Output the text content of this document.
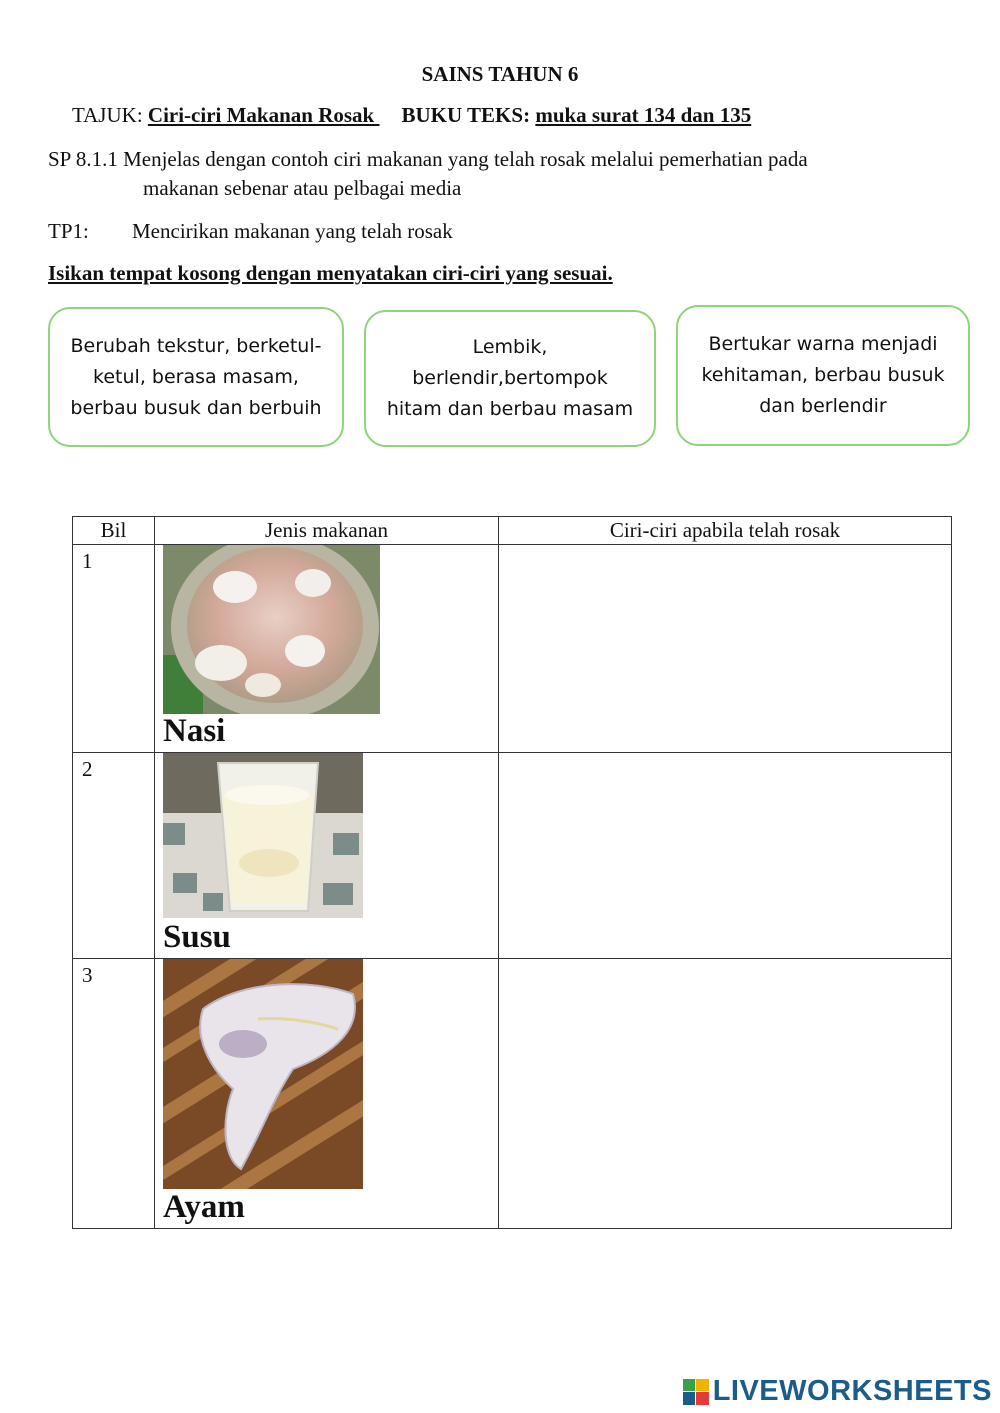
SAINS TAHUN 6
TAJUK: Ciri-ciri Makanan Rosak BUKU TEKS: muka surat 134 dan 135
SP 8.1.1 Menjelas dengan contoh ciri makanan yang telah rosak melalui pemerhatian pada
makanan sebenar atau pelbagai media
TP1: Mencirikan makanan yang telah rosak
Isikan tempat kosong dengan menyatakan ciri-ciri yang sesuai.
Berubah tekstur, berketul-
ketul, berasa masam,
berbau busuk dan berbuih
Lembik,
berlendir,bertompok
hitam dan berbau masam
Bertukar warna menjadi
kehitaman, berbau busuk
dan berlendir
Bil	Jenis makanan	Ciri-ciri apabila telah rosak

1	Nasi	

2	Susu	

3	Ayam	

LIVEWORKSHEETS
